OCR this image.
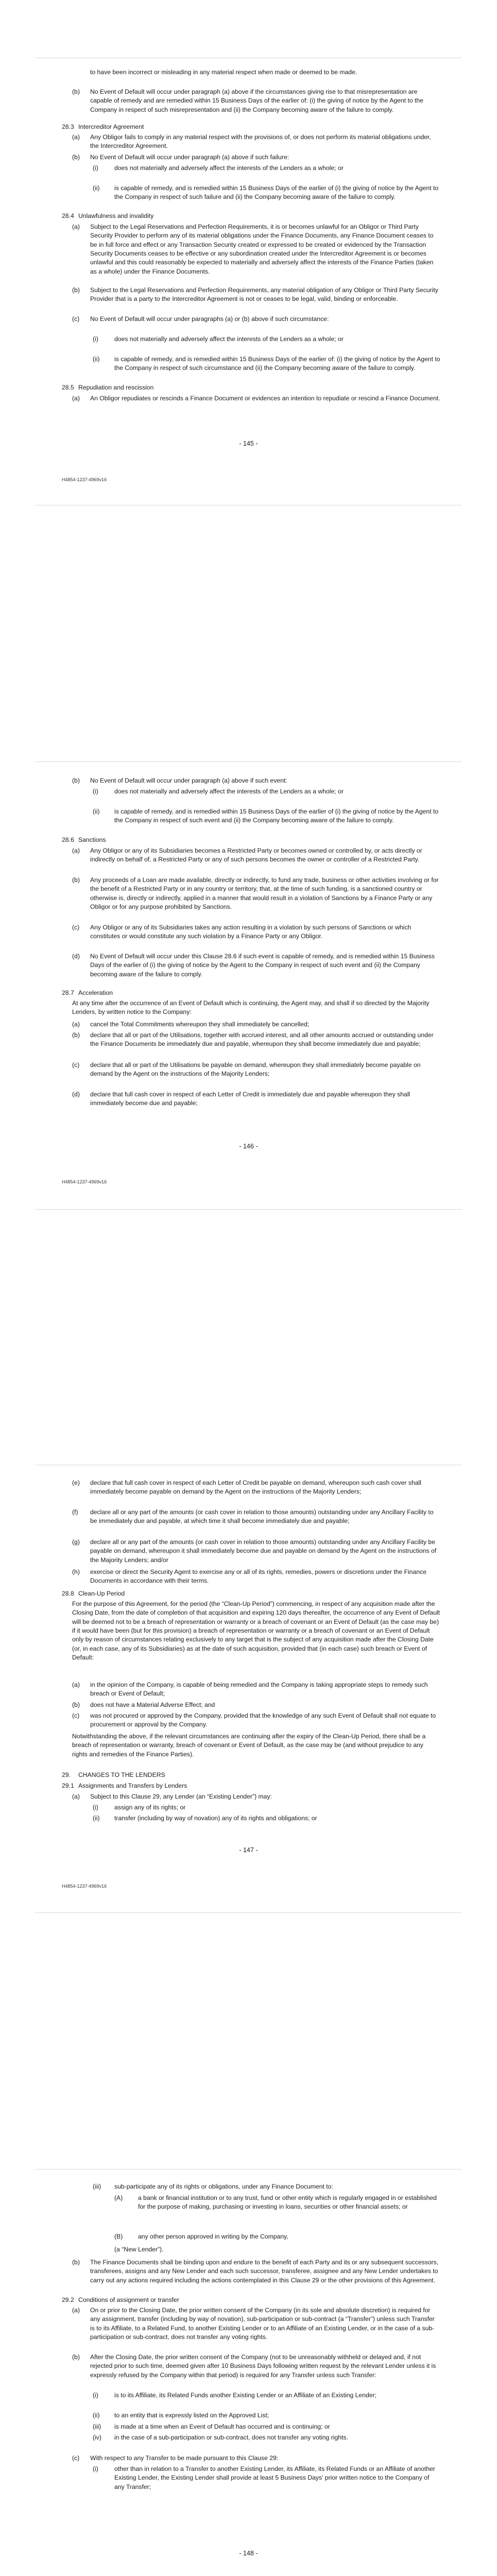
to have been incorrect or misleading in any material respect when made or deemed to be made.

(b) No Event of Default will occur under paragraph (a) above if the circumstances giving rise to that misrepresentation are capable of remedy and are remedied within 15 Business Days of the earlier of: (i) the giving of notice by the Agent to the Company in respect of such misrepresentation and (ii) the Company becoming aware of the failure to comply.

28.3 Intercreditor Agreement
(a) Any Obligor fails to comply in any material respect with the provisions of, or does not perform its material obligations under, the Intercreditor Agreement.

(b) No Event of Default will occur under paragraph (a) above if such failure:

(i)	does not materially and adversely affect the interests of the Lenders as a whole; or

(ii) is capable of remedy, and is remedied within 15 Business Days of the earlier of (i) the giving of notice by the Agent to the Company in respect of such failure and (ii) the Company becoming aware of the failure to comply.

28.4 Unlawfulness and invalidity
(a) Subject to the Legal Reservations and Perfection Requirements, it is or becomes unlawful for an Obligor or Third Party Security Provider to perform any of its material obligations under the Finance Documents, any Finance Document ceases to be in full force and effect or any Transaction Security created or expressed to be created or evidenced by the Transaction Security Documents ceases to be effective or any subordination created under the Intercreditor Agreement is or becomes unlawful and this could reasonably be expected to materially and adversely affect the interests of the Finance Parties (taken as a whole) under the Finance Documents.

(b) Subject to the Legal Reservations and Perfection Requirements, any material obligation of any Obligor or Third Party Security Provider that is a party to the Intercreditor Agreement is not or ceases to be legal, valid, binding or enforceable.

(c) No Event of Default will occur under paragraphs (a) or (b) above if such circumstance:

(i)	does not materially and adversely affect the interests of the Lenders as a whole; or

(ii) is capable of remedy, and is remedied within 15 Business Days of the earlier of: (i) the giving of notice by the Agent to the Company in respect of such circumstance and (ii) the Company becoming aware of the failure to comply.

28.5 Repudiation and rescission
(a) An Obligor repudiates or rescinds a Finance Document or evidences an intention to repudiate or rescind a Finance Document.

- 145 -
H4854-1237-4969v16
(b) No Event of Default will occur under paragraph (a) above if such event:

(i)	does not materially and adversely affect the interests of the Lenders as a whole; or

(ii) is capable of remedy, and is remedied within 15 Business Days of the earlier of (i) the giving of notice by the Agent to the Company in respect of such event and (ii) the Company becoming aware of the failure to comply.

28.6 Sanctions
(a) Any Obligor or any of its Subsidiaries becomes a Restricted Party or becomes owned or controlled by, or acts directly or indirectly on behalf of, a Restricted Party or any of such persons becomes the owner or controller of a Restricted Party.

(b) Any proceeds of a Loan are made available, directly or indirectly, to fund any trade, business or other activities involving or for the benefit of a Restricted Party or in any country or territory, that, at the time of such funding, is a sanctioned country or otherwise is, directly or indirectly, applied in a manner that would result in a violation of Sanctions by a Finance Party or any Obligor or for any purpose prohibited by Sanctions.

(c) Any Obligor or any of its Subsidiaries takes any action resulting in a violation by such persons of Sanctions or which constitutes or would constitute any such violation by a Finance Party or any Obligor.

(d) No Event of Default will occur under this Clause 28.6 if such event is capable of remedy, and is remedied within 15 Business Days of the earlier of (i) the giving of notice by the Agent to the Company in respect of such event and (ii) the Company becoming aware of the failure to comply.

28.7 Acceleration

At any time after the occurrence of an Event of Default which is continuing, the Agent may, and shall if so directed by the Majority Lenders, by written notice to the Company:

(a) cancel the Total Commitments whereupon they shall immediately be cancelled;

(b) declare that all or part of the Utilisations, together with accrued interest, and all other amounts accrued or outstanding under the Finance Documents be immediately due and payable, whereupon they shall become immediately due and payable;

(c) declare that all or part of the Utilisations be payable on demand, whereupon they shall immediately become payable on demand by the Agent on the instructions of the Majority Lenders;

(d) declare that full cash cover in respect of each Letter of Credit is immediately due and payable whereupon they shall immediately become due and payable;

- 146 -
H4854-1237-4969v16
(e) declare that full cash cover in respect of each Letter of Credit be payable on demand, whereupon such cash cover shall immediately become payable on demand by the Agent on the instructions of the Majority Lenders;

(f) declare all or any part of the amounts (or cash cover in relation to those amounts) outstanding under any Ancillary Facility to be immediately due and payable, at which time it shall become immediately due and payable;

(g) declare all or any part of the amounts (or cash cover in relation to those amounts) outstanding under any Ancillary Facility be payable on demand, whereupon it shall immediately become due and payable on demand by the Agent on the instructions of the Majority Lenders; and/or

(h) exercise or direct the Security Agent to exercise any or all of its rights, remedies, powers or discretions under the Finance Documents in accordance with their terms.

28.8 Clean-Up Period

For the purpose of this Agreement, for the period (the “Clean-Up Period”) commencing, in respect of any acquisition made after the Closing Date, from the date of completion of that acquisition and expiring 120 days thereafter, the occurrence of any Event of Default will be deemed not to be a breach of representation or warranty or a breach of covenant or an Event of Default (as the case may be) if it would have been (but for this provision) a breach of representation or warranty or a breach of covenant or an Event of Default only by reason of circumstances relating exclusively to any target that is the subject of any acquisition made after the Closing Date (or, in each case, any of its Subsidiaries) as at the date of such acquisition, provided that (in each case) such breach or Event of Default:

(a) in the opinion of the Company, is capable of being remedied and the Company is taking appropriate steps to remedy such breach or Event of Default;

(b) does not have a Material Adverse Effect; and

(c) was not procured or approved by the Company, provided that the knowledge of any such Event of Default shall not equate to procurement or approval by the Company.

Notwithstanding the above, if the relevant circumstances are continuing after the expiry of the Clean-Up Period, there shall be a breach of representation or warranty, breach of covenant or Event of Default, as the case may be (and without prejudice to any rights and remedies of the Finance Parties).

29. CHANGES TO THE LENDERS
29.1 Assignments and Transfers by Lenders
(a) Subject to this Clause 29, any Lender (an “Existing Lender”) may:

(i)	assign any of its rights; or

(ii) transfer (including by way of novation) any of its rights and obligations; or

- 147 -
H4854-1237-4969v16
(iii) sub-participate any of its rights or obligations, under any Finance Document to:

(A) a bank or financial institution or to any trust, fund or other entity which is regularly engaged in or established for the purpose of making, purchasing or investing in loans, securities or other financial assets; or

(B) any other person approved in writing by the Company,

(a “New Lender”).

(b) The Finance Documents shall be binding upon and endure to the benefit of each Party and its or any subsequent successors, transferees, assigns and any New Lender and each such successor, transferee, assignee and any New Lender undertakes to carry out any actions required including the actions contemplated in this Clause 29 or the other provisions of this Agreement.

29.2 Conditions of assignment or transfer
(a) On or prior to the Closing Date, the prior written consent of the Company (in its sole and absolute discretion) is required for any assignment, transfer (including by way of novation), sub-participation or sub-contract (a “Transfer”) unless such Transfer is to its Affiliate, to a Related Fund, to another Existing Lender or to an Affiliate of an Existing Lender, or in the case of a sub-participation or sub-contract, does not transfer any voting rights.

(b) After the Closing Date, the prior written consent of the Company (not to be unreasonably withheld or delayed and, if not rejected prior to such time, deemed given after 10 Business Days following written request by the relevant Lender unless it is expressly refused by the Company within that period) is required for any Transfer unless such Transfer:

(i)	is to its Affiliate, its Related Funds another Existing Lender or an Affiliate of an Existing Lender;

(ii) to an entity that is expressly listed on the Approved List;

(iii) is made at a time when an Event of Default has occurred and is continuing; or

(iv) in the case of a sub-participation or sub-contract, does not transfer any voting rights.

(c) With respect to any Transfer to be made pursuant to this Clause 29:

(i)	other than in relation to a Transfer to another Existing Lender, its Affiliate, its Related Funds or an Affiliate of another Existing Lender, the Existing Lender shall provide at least 5 Business Days' prior written notice to the Company of any Transfer;

- 148 -
